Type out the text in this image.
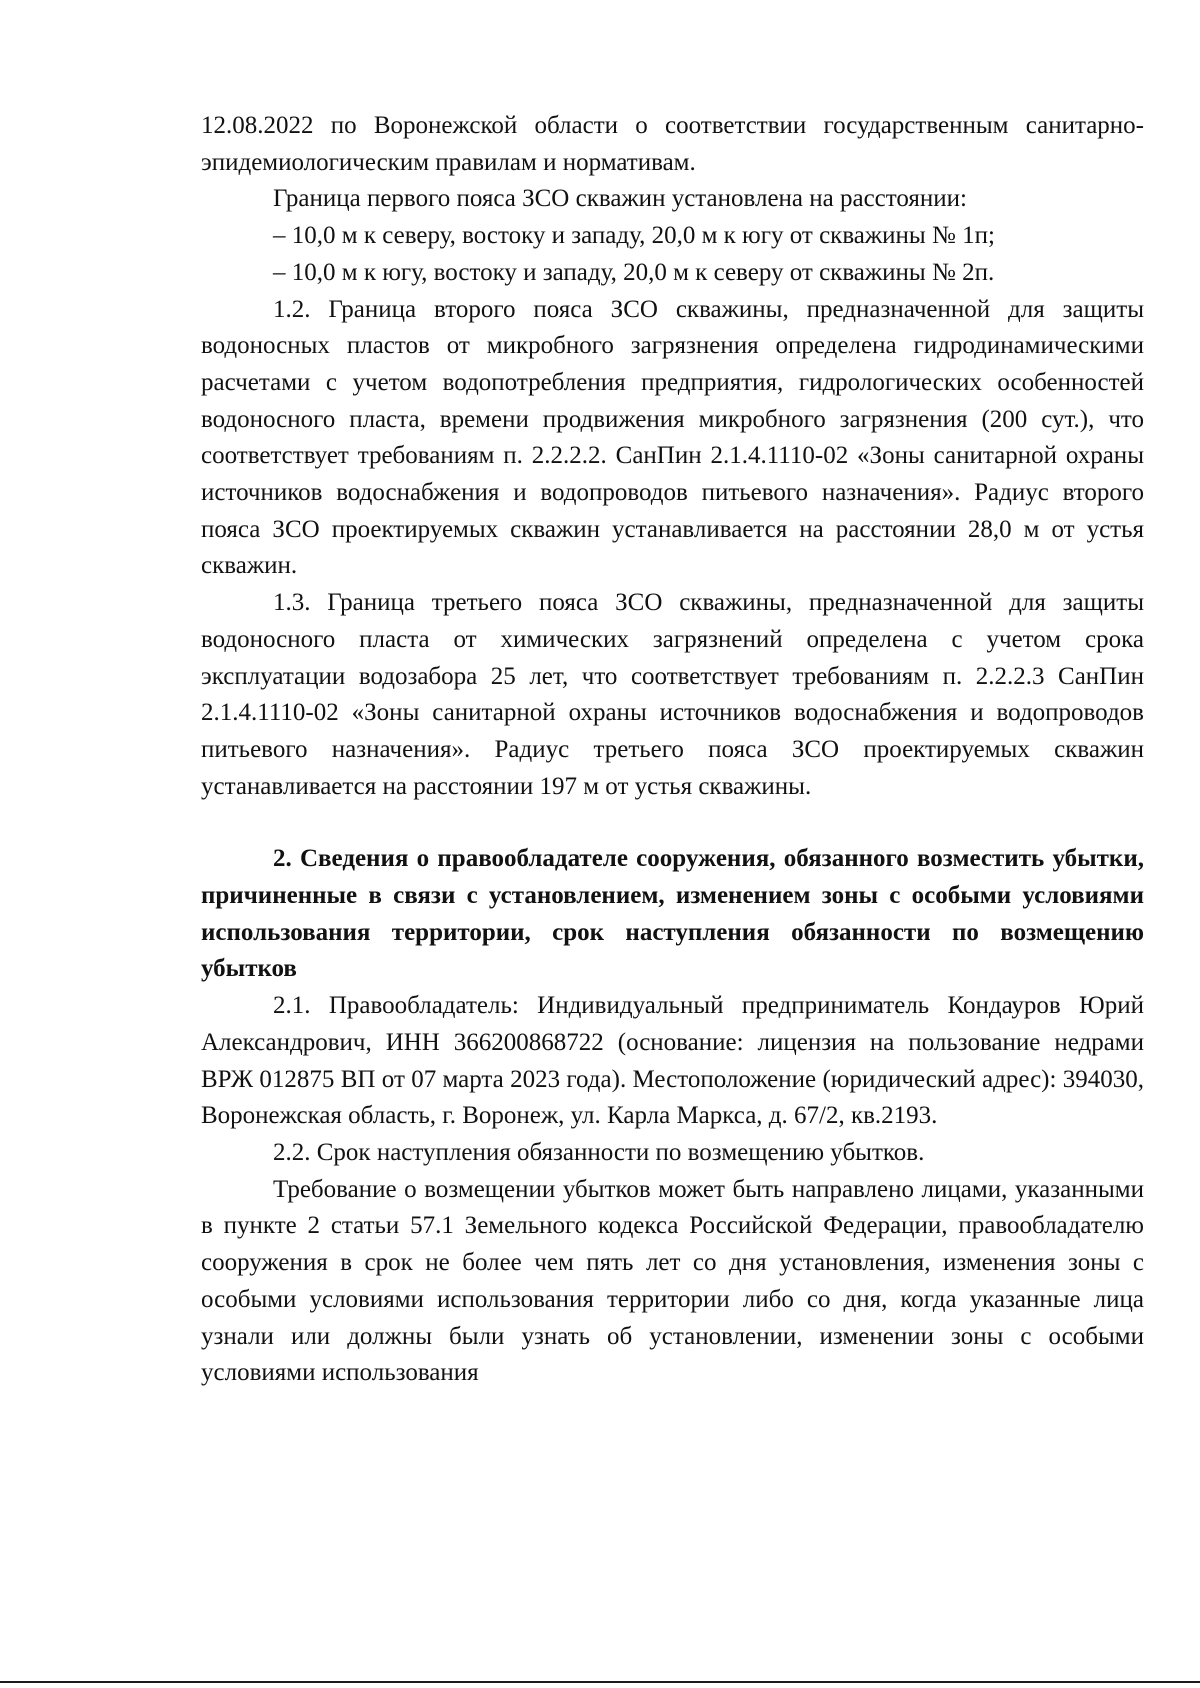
12.08.2022 по Воронежской области о соответствии государственным санитарно-эпидемиологическим правилам и нормативам.

Граница первого пояса ЗСО скважин установлена на расстоянии:

– 10,0 м к северу, востоку и западу, 20,0 м к югу от скважины № 1п;

– 10,0 м к югу, востоку и западу, 20,0 м к северу от скважины № 2п.

1.2. Граница второго пояса ЗСО скважины, предназначенной для защиты водоносных пластов от микробного загрязнения определена гидродинамическими расчетами с учетом водопотребления предприятия, гидрологических особенностей водоносного пласта, времени продвижения микробного загрязнения (200 сут.), что соответствует требованиям п. 2.2.2.2. СанПин 2.1.4.1110-02 «Зоны санитарной охраны источников водоснабжения и водопроводов питьевого назначения». Радиус второго пояса ЗСО проектируемых скважин устанавливается на расстоянии 28,0 м от устья скважин.

1.3. Граница третьего пояса ЗСО скважины, предназначенной для защиты водоносного пласта от химических загрязнений определена с учетом срока эксплуатации водозабора 25 лет, что соответствует требованиям п. 2.2.2.3 СанПин 2.1.4.1110-02 «Зоны санитарной охраны источников водоснабжения и водопроводов питьевого назначения». Радиус третьего пояса ЗСО проектируемых скважин устанавливается на расстоянии 197 м от устья скважины.

2. Сведения о правообладателе сооружения, обязанного возместить убытки, причиненные в связи с установлением, изменением зоны с особыми условиями использования территории, срок наступления обязанности по возмещению убытков

2.1. Правообладатель: Индивидуальный предприниматель Кондауров Юрий Александрович, ИНН 366200868722 (основание: лицензия на пользование недрами ВРЖ 012875 ВП от 07 марта 2023 года). Местоположение (юридический адрес): 394030, Воронежская область, г. Воронеж, ул. Карла Маркса, д. 67/2, кв.2193.

2.2. Срок наступления обязанности по возмещению убытков.

Требование о возмещении убытков может быть направлено лицами, указанными в пункте 2 статьи 57.1 Земельного кодекса Российской Федерации, правообладателю сооружения в срок не более чем пять лет со дня установления, изменения зоны с особыми условиями использования территории либо со дня, когда указанные лица узнали или должны были узнать об установлении, изменении зоны с особыми условиями использования
